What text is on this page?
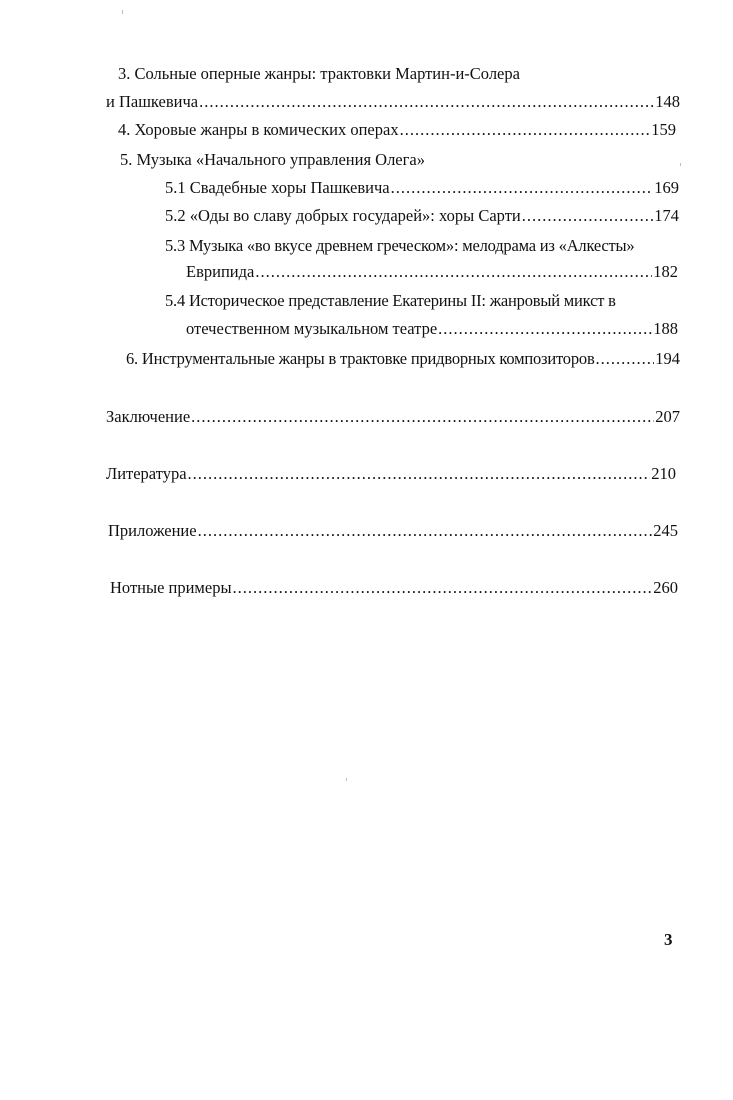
3. Сольные оперные жанры: трактовки Мартин-и-Солера
и Пашкевича .....	148
4. Хоровые жанры в комических операх .....	159
5. Музыка «Начального управления Олега»
5.1 Свадебные хоры Пашкевича .....	169
5.2 «Оды во славу добрых государей»: хоры Сарти .....	174
5.3 Музыка «во вкусе древнем греческом»: мелодрама из «Алкесты»
Еврипида .....	182
5.4 Историческое представление Екатерины II: жанровый микст в
отечественном музыкальном театре .....	188
6. Инструментальные жанры в трактовке придворных композиторов .....	194
Заключение .....	207
Литература .....	210
Приложение .....	245
Нотные примеры .....	260
3
